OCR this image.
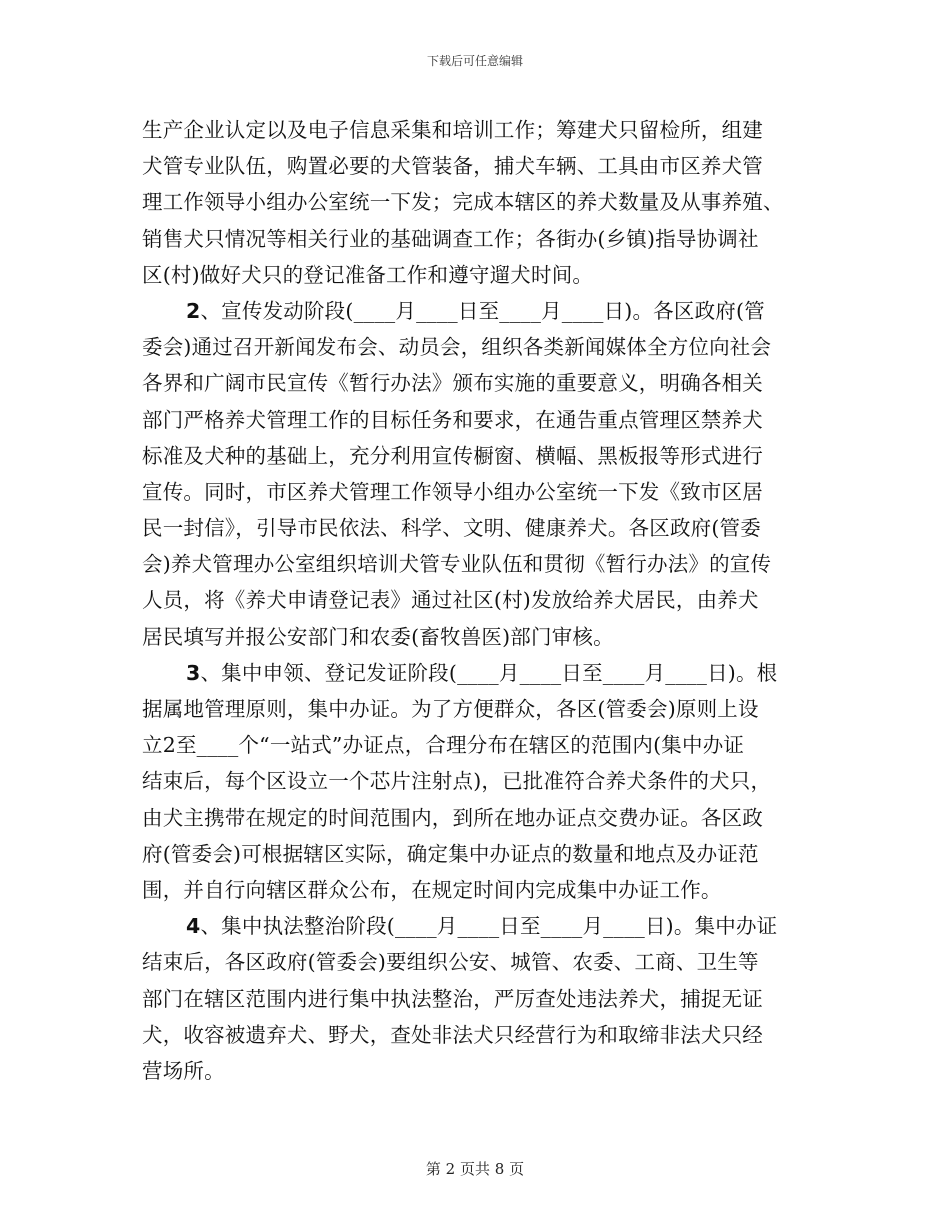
下载后可任意编辑
生产企业认定以及电子信息采集和培训工作；筹建犬只留检所，组建
犬管专业队伍，购置必要的犬管装备，捕犬车辆、工具由市区养犬管
理工作领导小组办公室统一下发；完成本辖区的养犬数量及从事养殖、
销售犬只情况等相关行业的基础调查工作；各街办(乡镇)指导协调社
区(村)做好犬只的登记准备工作和遵守遛犬时间。
2、宣传发动阶段(____月____日至____月____日)。各区政府(管
委会)通过召开新闻发布会、动员会，组织各类新闻媒体全方位向社会
各界和广阔市民宣传《暂行办法》颁布实施的重要意义，明确各相关
部门严格养犬管理工作的目标任务和要求，在通告重点管理区禁养犬
标准及犬种的基础上，充分利用宣传橱窗、横幅、黑板报等形式进行
宣传。同时，市区养犬管理工作领导小组办公室统一下发《致市区居
民一封信》，引导市民依法、科学、文明、健康养犬。各区政府(管委
会)养犬管理办公室组织培训犬管专业队伍和贯彻《暂行办法》的宣传
人员，将《养犬申请登记表》通过社区(村)发放给养犬居民，由养犬
居民填写并报公安部门和农委(畜牧兽医)部门审核。
3、集中申领、登记发证阶段(____月____日至____月____日)。根
据属地管理原则，集中办证。为了方便群众，各区(管委会)原则上设
立2至____个“一站式”办证点，合理分布在辖区的范围内(集中办证
结束后，每个区设立一个芯片注射点)，已批准符合养犬条件的犬只，
由犬主携带在规定的时间范围内，到所在地办证点交费办证。各区政
府(管委会)可根据辖区实际，确定集中办证点的数量和地点及办证范
围，并自行向辖区群众公布，在规定时间内完成集中办证工作。
4、集中执法整治阶段(____月____日至____月____日)。集中办证
结束后，各区政府(管委会)要组织公安、城管、农委、工商、卫生等
部门在辖区范围内进行集中执法整治，严厉查处违法养犬，捕捉无证
犬，收容被遗弃犬、野犬，查处非法犬只经营行为和取缔非法犬只经
营场所。
第 2 页共 8 页
